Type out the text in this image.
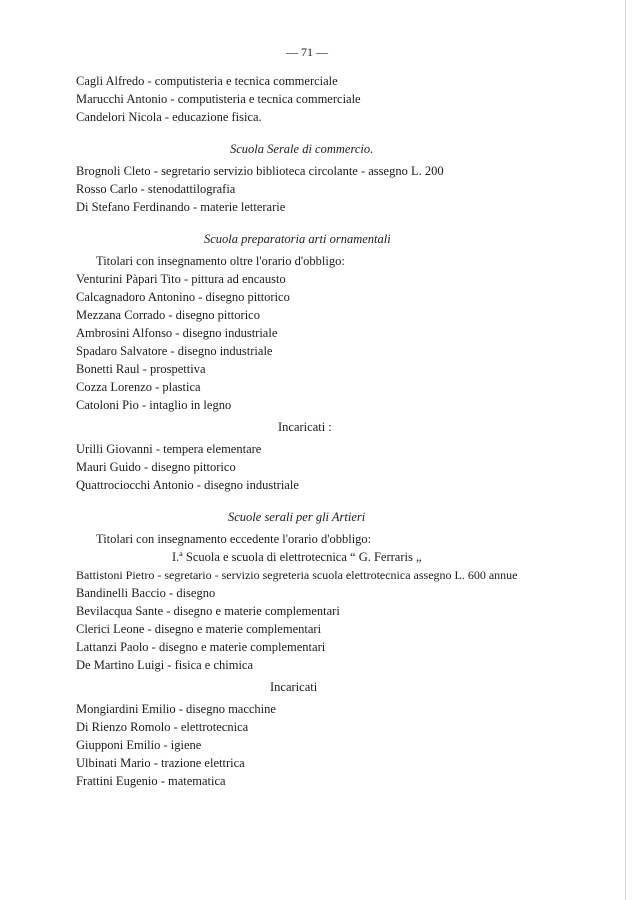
— 71 —
Cagli Alfredo - computisteria e tecnica commerciale
Marucchi Antonio - computisteria e tecnica commerciale
Candelori Nicola - educazione fisica.
Scuola Serale di commercio.
Brognoli Cleto - segretario servizio biblioteca circolante - assegno L. 200
Rosso Carlo - stenodattilografia
Di Stefano Ferdinando - materie letterarie
Scuola preparatoria arti ornamentali
Titolari con insegnamento oltre l'orario d'obbligo:
Venturini Pàpari Tito - pittura ad encausto
Calcagnadoro Antonino - disegno pittorico
Mezzana Corrado - disegno pittorico
Ambrosini Alfonso - disegno industriale
Spadaro Salvatore - disegno industriale
Bonetti Raul - prospettiva
Cozza Lorenzo - plastica
Catoloni Pio - intaglio in legno
Incaricati :
Urilli Giovanni - tempera elementare
Mauri Guido - disegno pittorico
Quattrociocchi Antonio - disegno industriale
Scuole serali per gli Artieri
Titolari con insegnamento eccedente l'orario d'obbligo:
I.ª Scuola e scuola di elettrotecnica “ G. Ferraris „
Battistoni Pietro - segretario - servizio segreteria scuola elettrotecnica assegno L. 600 annue
Bandinelli Baccio - disegno
Bevilacqua Sante - disegno e materie complementari
Clerici Leone - disegno e materie complementari
Lattanzi Paolo - disegno e materie complementari
De Martino Luigi - fisica e chimica
Incaricati
Mongiardini Emilio - disegno macchine
Di Rienzo Romolo - elettrotecnica
Giupponi Emilio - igiene
Ulbinati Mario - trazione elettrica
Frattini Eugenio - matematica
